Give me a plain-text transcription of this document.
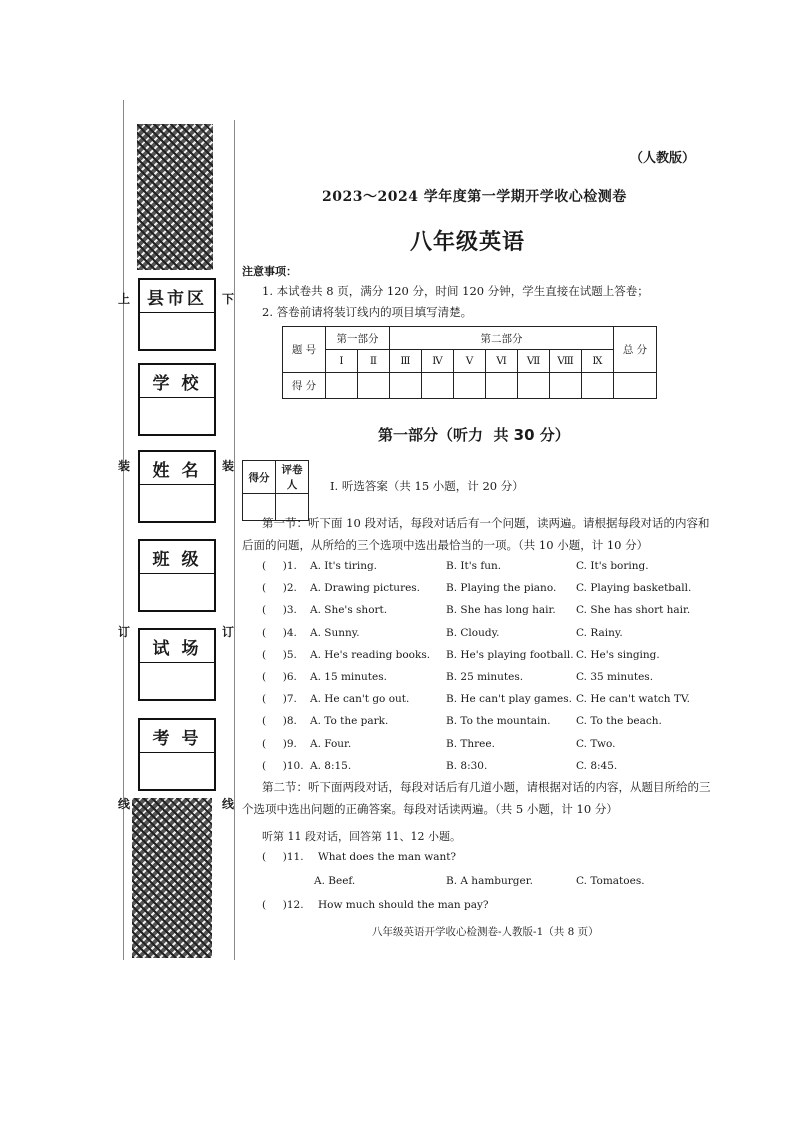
上
装
订
线
下
装
订
线
县市区
学 校
姓 名
班 级
试 场
考 号
（人教版）
2023～2024 学年度第一学期开学收心检测卷
八年级英语
注意事项：
1. 本试卷共 8 页，满分 120 分，时间 120 分钟，学生直接在试题上答卷；
2. 答卷前请将装订线内的项目填写清楚。
题 号	第一部分		第二部分							总 分
	Ⅰ	Ⅱ	Ⅲ	Ⅳ	Ⅴ	Ⅵ	Ⅶ	Ⅷ	Ⅸ	
得 分										
第一部分（听力  共 30 分）
得分	评卷人
		Ⅰ. 听选答案（共 15 小题，计 20 分）
第一节：听下面 10 段对话，每段对话后有一个问题，读两遍。请根据每段对话的内容和后面的问题，从所给的三个选项中选出最恰当的一项。（共 10 小题，计 10 分）
(     )1. A. It's tiring.	B. It's fun.	C. It's boring.
(     )2. A. Drawing pictures. B. Playing the piano. C. Playing basketball.
(     )3. A. She's short.	B. She has long hair. C. She has short hair.
(     )4. A. Sunny.	B. Cloudy.	C. Rainy.
(     )5. A. He's reading books. B. He's playing football. C. He's singing.
(     )6. A. 15 minutes.	B. 25 minutes.	C. 35 minutes.
(     )7. A. He can't go out.	B. He can't play games. C. He can't watch TV.
(     )8. A. To the park.	B. To the mountain. C. To the beach.
(     )9. A. Four.	B. Three.	C. Two.
(     )10. A. 8:15.	B. 8:30.	C. 8:45.
第二节：听下面两段对话，每段对话后有几道小题，请根据对话的内容，从题目所给的三个选项中选出问题的正确答案。每段对话读两遍。（共 5 小题，计 10 分）
听第 11 段对话，回答第 11、12 小题。
(     )11. What does the man want?
A. Beef.	B. A hamburger.	C. Tomatoes.
(     )12. How much should the man pay?
八年级英语开学收心检测卷-人教版-1（共 8 页）
